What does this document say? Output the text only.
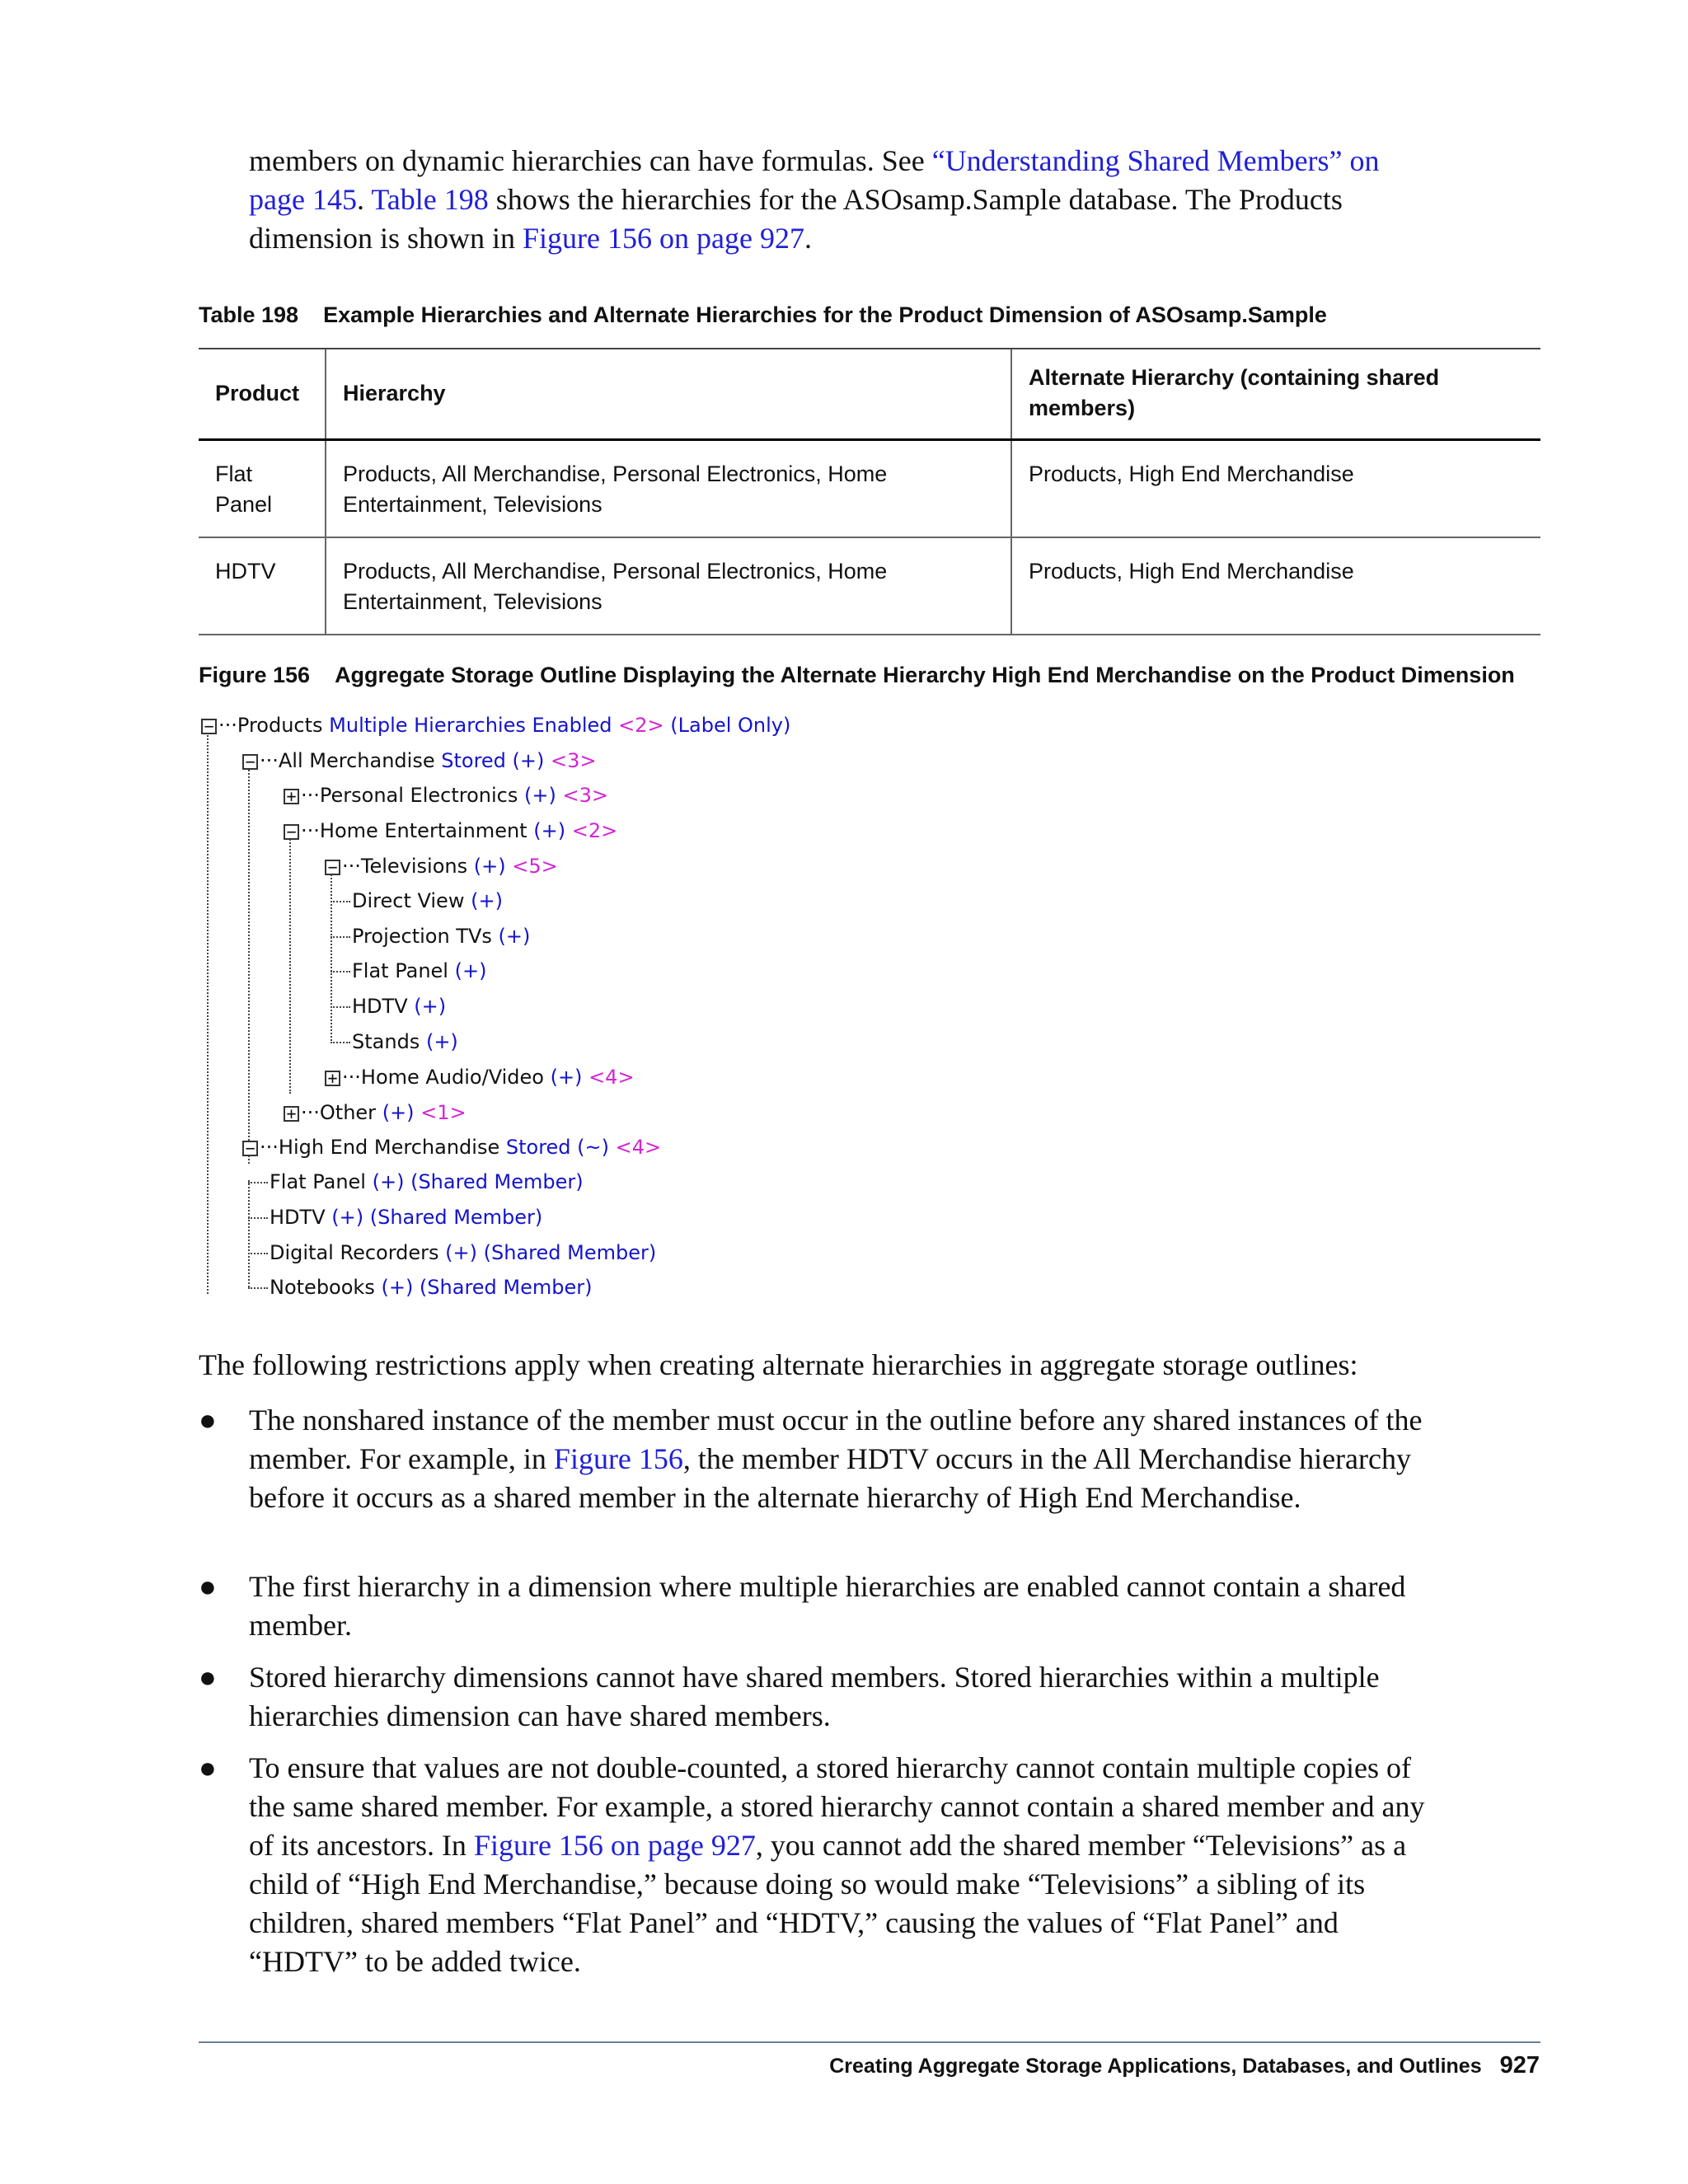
members on dynamic hierarchies can have formulas. See “Understanding Shared Members” on page 145. Table 198 shows the hierarchies for the ASOsamp.Sample database. The Products dimension is shown in Figure 156 on page 927.
Table 198 Example Hierarchies and Alternate Hierarchies for the Product Dimension of ASOsamp.Sample
Product	Hierarchy	Alternate Hierarchy (containing shared members)
Flat Panel	Products, All Merchandise, Personal Electronics, Home Entertainment, Televisions	Products, High End Merchandise
HDTV	Products, All Merchandise, Personal Electronics, Home Entertainment, Televisions	Products, High End Merchandise
Figure 156 Aggregate Storage Outline Displaying the Alternate Hierarchy High End Merchandise on the Product Dimension
−
−
+
−
−
+
+
−
···Products Multiple Hierarchies Enabled <2> (Label Only)
···All Merchandise Stored (+) <3>
···Personal Electronics (+) <3>
···Home Entertainment (+) <2>
···Televisions (+) <5>
Direct View (+)
Projection TVs (+)
Flat Panel (+)
HDTV (+)
Stands (+)
···Home Audio/Video (+) <4>
···Other (+) <1>
···High End Merchandise Stored (~) <4>
Flat Panel (+) (Shared Member)
HDTV (+) (Shared Member)
Digital Recorders (+) (Shared Member)
Notebooks (+) (Shared Member)
The following restrictions apply when creating alternate hierarchies in aggregate storage outlines:
● The nonshared instance of the member must occur in the outline before any shared instances of the member. For example, in Figure 156, the member HDTV occurs in the All Merchandise hierarchy before it occurs as a shared member in the alternate hierarchy of High End Merchandise.
● The first hierarchy in a dimension where multiple hierarchies are enabled cannot contain a shared member.
● Stored hierarchy dimensions cannot have shared members. Stored hierarchies within a multiple hierarchies dimension can have shared members.
● To ensure that values are not double-counted, a stored hierarchy cannot contain multiple copies of the same shared member. For example, a stored hierarchy cannot contain a shared member and any of its ancestors. In Figure 156 on page 927, you cannot add the shared member “Televisions” as a child of “High End Merchandise,” because doing so would make “Televisions” a sibling of its children, shared members “Flat Panel” and “HDTV,” causing the values of “Flat Panel” and “HDTV” to be added twice.
Creating Aggregate Storage Applications, Databases, and Outlines 927
